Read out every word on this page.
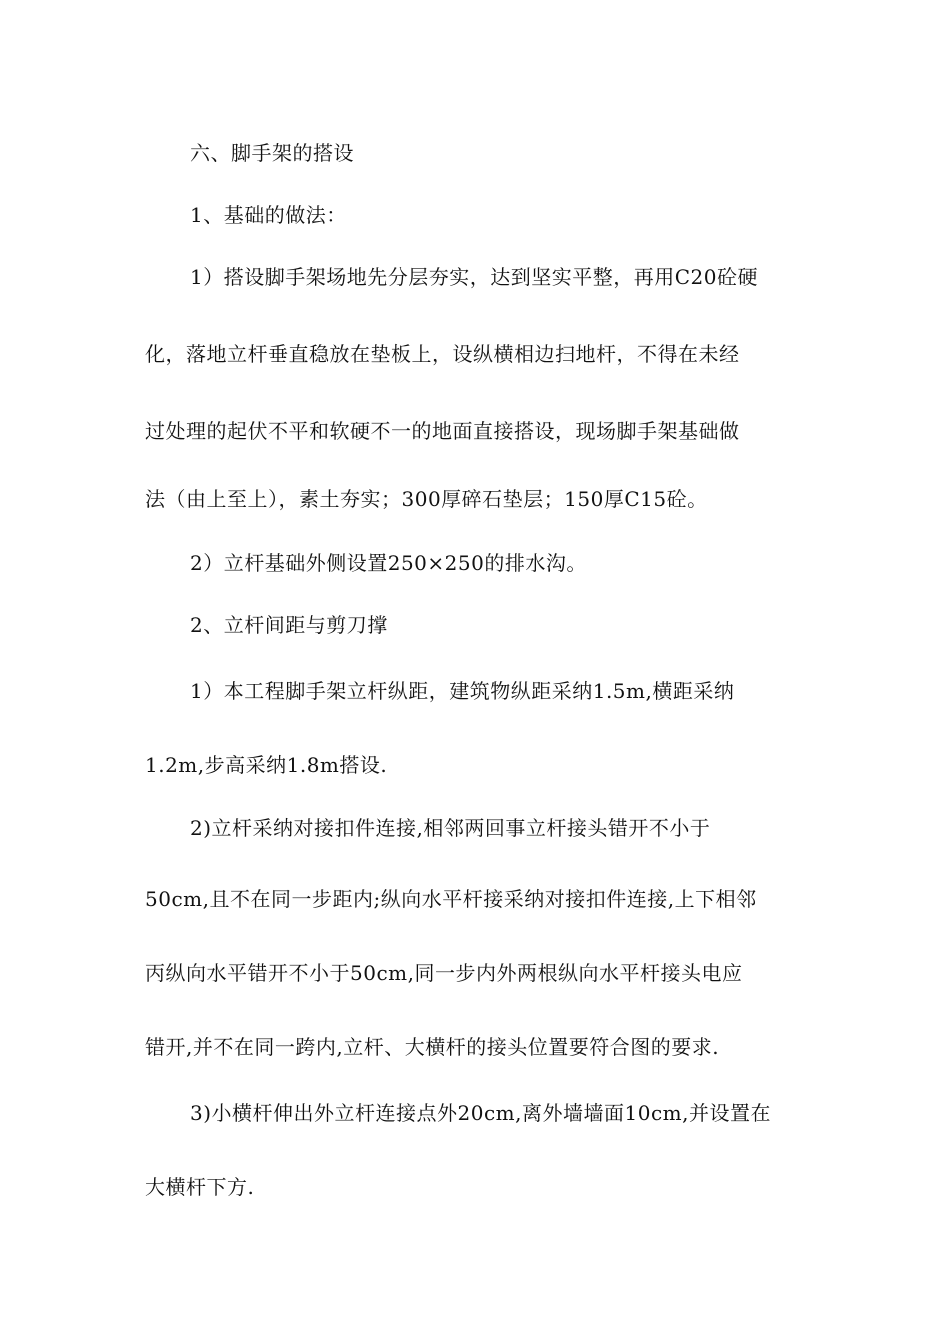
六、脚手架的搭设
1、基础的做法：
1）搭设脚手架场地先分层夯实，达到坚实平整，再用C20砼硬
化，落地立杆垂直稳放在垫板上，设纵横相边扫地杆，不得在未经
过处理的起伏不平和软硬不一的地面直接搭设，现场脚手架基础做
法（由上至上），素土夯实；300厚碎石垫层；150厚C15砼。
2）立杆基础外侧设置250×250的排水沟。
2、立杆间距与剪刀撑
1）本工程脚手架立杆纵距，建筑物纵距采纳1.5m,横距采纳
1.2m,步高采纳1.8m搭设.
2)立杆采纳对接扣件连接,相邻两回事立杆接头错开不小于
50cm,且不在同一步距内;纵向水平杆接采纳对接扣件连接,上下相邻
丙纵向水平错开不小于50cm,同一步内外两根纵向水平杆接头电应
错开,并不在同一跨内,立杆、大横杆的接头位置要符合图的要求.
3)小横杆伸出外立杆连接点外20cm,离外墙墙面10cm,并设置在
大横杆下方.
